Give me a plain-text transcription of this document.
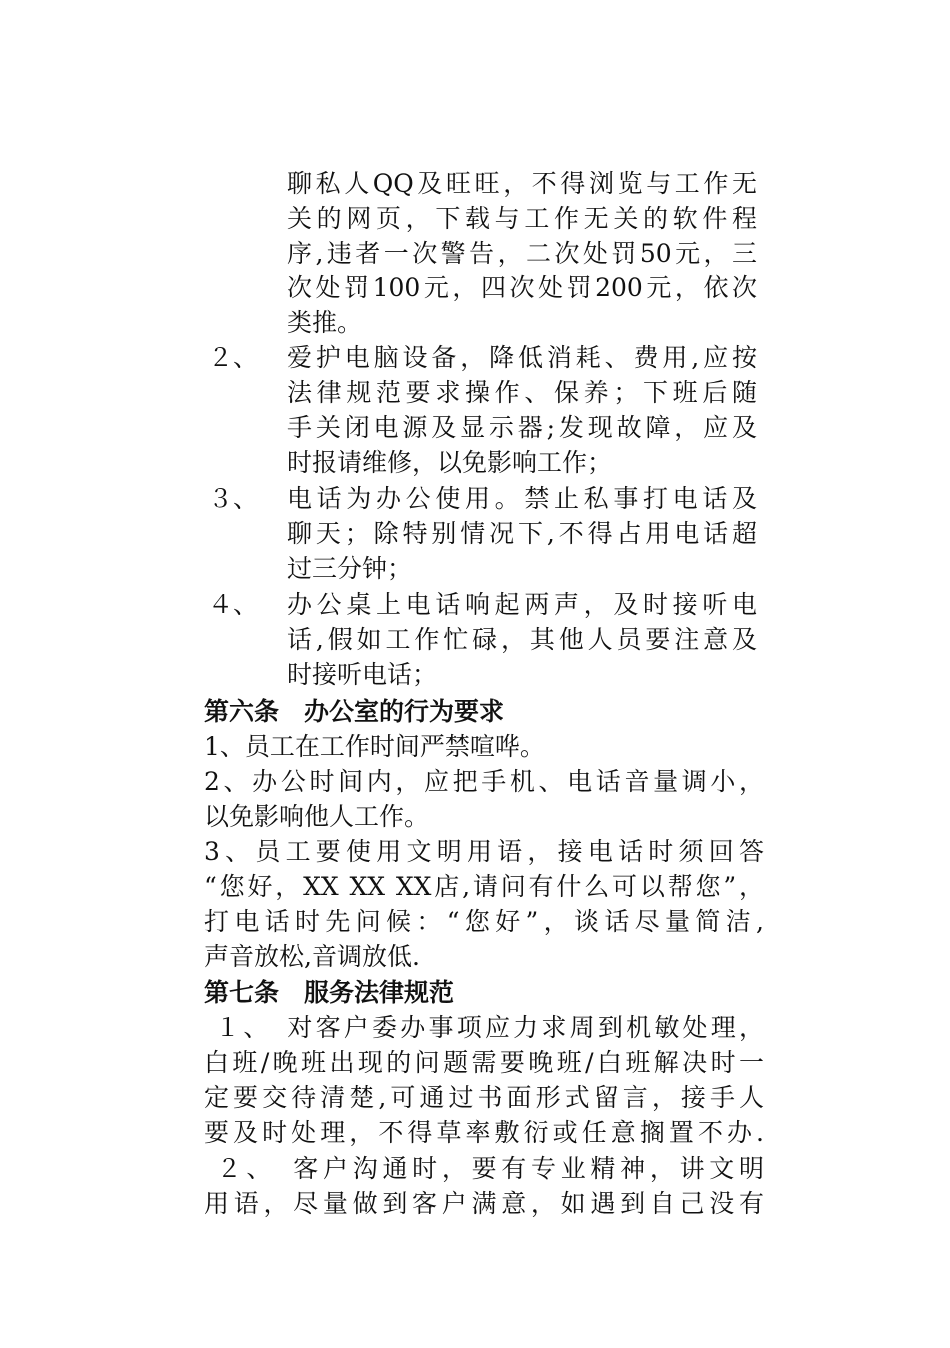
聊私人QQ及旺旺，不得浏览与工作无
关的网页，下载与工作无关的软件程
序,违者一次警告，二次处罚50元，三
次处罚100元，四次处罚200元，依次
类推。
２、	爱护电脑设备，降低消耗、费用,应按
法律规范要求操作、保养；下班后随
手关闭电源及显示器;发现故障，应及
时报请维修，以免影响工作；
３、	电话为办公使用。禁止私事打电话及
聊天；除特别情况下,不得占用电话超
过三分钟；
４、	办公桌上电话响起两声，及时接听电
话,假如工作忙碌，其他人员要注意及
时接听电话；
第六条　办公室的行为要求
1、员工在工作时间严禁喧哗。
2、办公时间内，应把手机、电话音量调小，
以免影响他人工作。
3、员工要使用文明用语，接电话时须回答
“您好，XX XX XX店,请问有什么可以帮您”，
打电话时先问候：“您好”，谈话尽量简洁,
声音放松,音调放低.
第七条　服务法律规范
１、　对客户委办事项应力求周到机敏处理，
白班/晚班出现的问题需要晚班/白班解决时一
定要交待清楚,可通过书面形式留言，接手人
要及时处理，不得草率敷衍或任意搁置不办.
２、　客户沟通时，要有专业精神，讲文明
用语，尽量做到客户满意，如遇到自己没有
